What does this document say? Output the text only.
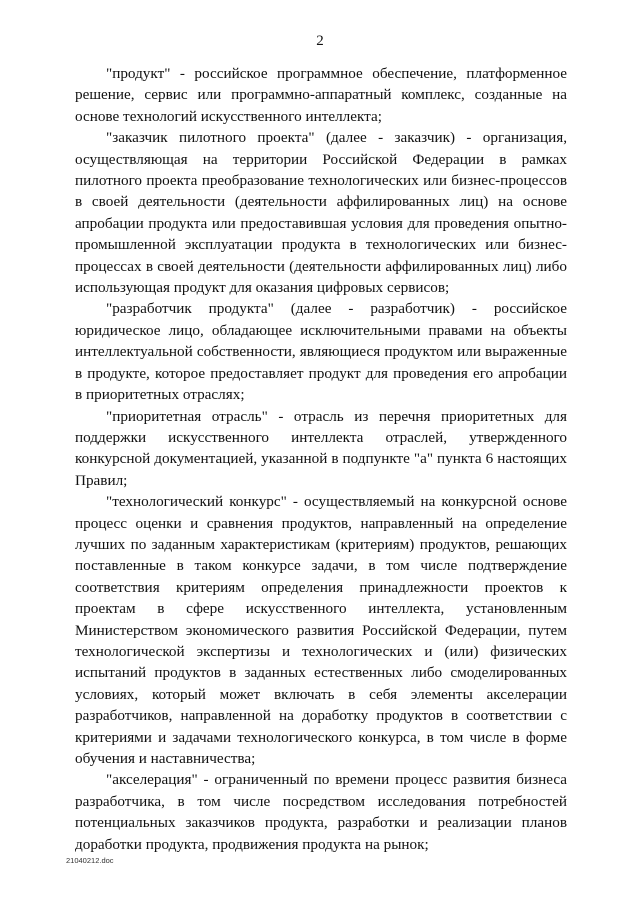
2

"продукт" - российское программное обеспечение, платформенное решение, сервис или программно-аппаратный комплекс, созданные на основе технологий искусственного интеллекта;

"заказчик пилотного проекта" (далее - заказчик) - организация, осуществляющая на территории Российской Федерации в рамках пилотного проекта преобразование технологических или бизнес-процессов в своей деятельности (деятельности аффилированных лиц) на основе апробации продукта или предоставившая условия для проведения опытно-промышленной эксплуатации продукта в технологических или бизнес-процессах в своей деятельности (деятельности аффилированных лиц) либо использующая продукт для оказания цифровых сервисов;

"разработчик продукта" (далее - разработчик) - российское юридическое лицо, обладающее исключительными правами на объекты интеллектуальной собственности, являющиеся продуктом или выраженные в продукте, которое предоставляет продукт для проведения его апробации в приоритетных отраслях;

"приоритетная отрасль" - отрасль из перечня приоритетных для поддержки искусственного интеллекта отраслей, утвержденного конкурсной документацией, указанной в подпункте "а" пункта 6 настоящих Правил;

"технологический конкурс" - осуществляемый на конкурсной основе процесс оценки и сравнения продуктов, направленный на определение лучших по заданным характеристикам (критериям) продуктов, решающих поставленные в таком конкурсе задачи, в том числе подтверждение соответствия критериям определения принадлежности проектов к проектам в сфере искусственного интеллекта, установленным Министерством экономического развития Российской Федерации, путем технологической экспертизы и технологических и (или) физических испытаний продуктов в заданных естественных либо смоделированных условиях, который может включать в себя элементы акселерации разработчиков, направленной на доработку продуктов в соответствии с критериями и задачами технологического конкурса, в том числе в форме обучения и наставничества;

"акселерация" - ограниченный по времени процесс развития бизнеса разработчика, в том числе посредством исследования потребностей потенциальных заказчиков продукта, разработки и реализации планов доработки продукта, продвижения продукта на рынок;

21040212.doc
